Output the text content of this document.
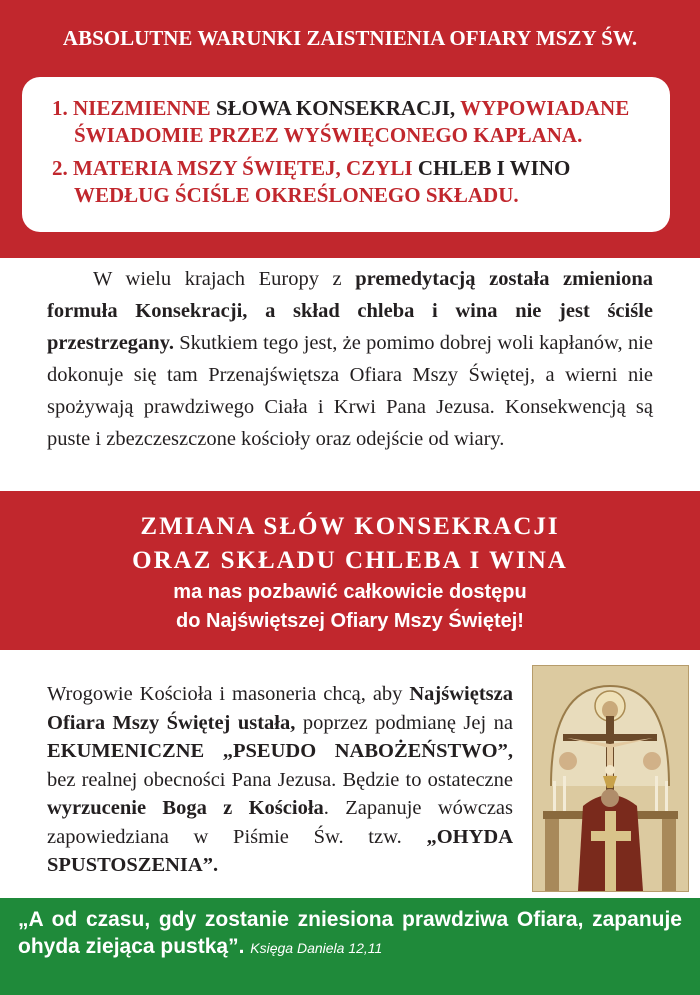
ABSOLUTNE WARUNKI ZAISTNIENIA OFIARY MSZY ŚW.
1. NIEZMIENNE SŁOWA KONSEKRACJI, WYPOWIADANE
ŚWIADOMIE PRZEZ WYŚWIĘCONEGO KAPŁANA.
2. MATERIA MSZY ŚWIĘTEJ, CZYLI CHLEB I WINO
WEDŁUG ŚCIŚLE OKREŚLONEGO SKŁADU.
W wielu krajach Europy z premedytacją została zmieniona formuła Konsekracji, a skład chleba i wina nie jest ściśle przestrzegany. Skutkiem tego jest, że pomimo dobrej woli kapłanów, nie dokonuje się tam Przenajświętsza Ofiara Mszy Świętej, a wierni nie spożywają prawdziwego Ciała i Krwi Pana Jezusa. Konsekwencją są puste i zbezczeszczone kościoły oraz odejście od wiary.
ZMIANA SŁÓW KONSEKRACJI
ORAZ SKŁADU CHLEBA I WINA
ma nas pozbawić całkowicie dostępu
do Najświętszej Ofiary Mszy Świętej!
Wrogowie Kościoła i masoneria chcą, aby Najświętsza Ofiara Mszy Świętej ustała, poprzez podmianę Jej na EKUMENICZNE „PSEUDO NABOŻEŃSTWO”, bez realnej obecności Pana Jezusa. Będzie to ostateczne wyrzucenie Boga z Kościoła. Zapanuje wówczas zapowiedziana w Piśmie Św. tzw. „OHYDA SPUSTOSZENIA”.
„A od czasu, gdy zostanie zniesiona prawdziwa Ofiara, zapanuje ohyda ziejąca pustką”. Księga Daniela 12,11
